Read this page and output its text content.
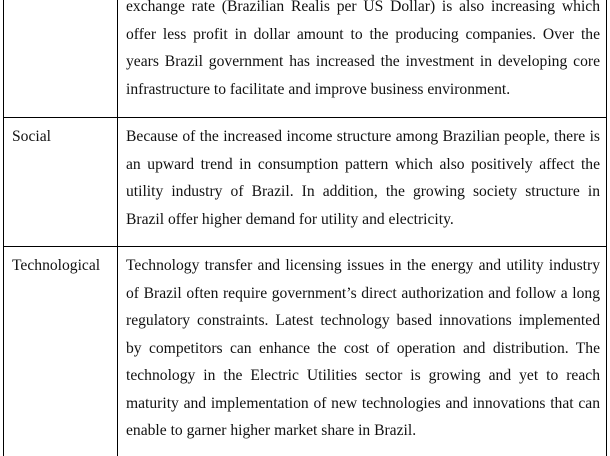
	exchange rate (Brazilian Realis per US Dollar) is also increasing which offer less profit in dollar amount to the producing companies. Over the years Brazil government has increased the investment in developing core infrastructure to facilitate and improve business environment.
Social	Because of the increased income structure among Brazilian people, there is an upward trend in consumption pattern which also positively affect the utility industry of Brazil. In addition, the growing society structure in Brazil offer higher demand for utility and electricity.
Technological	Technology transfer and licensing issues in the energy and utility industry of Brazil often require government’s direct authorization and follow a long regulatory constraints. Latest technology based innovations implemented by competitors can enhance the cost of operation and distribution. The technology in the Electric Utilities sector is growing and yet to reach maturity and implementation of new technologies and innovations that can enable to garner higher market share in Brazil.
